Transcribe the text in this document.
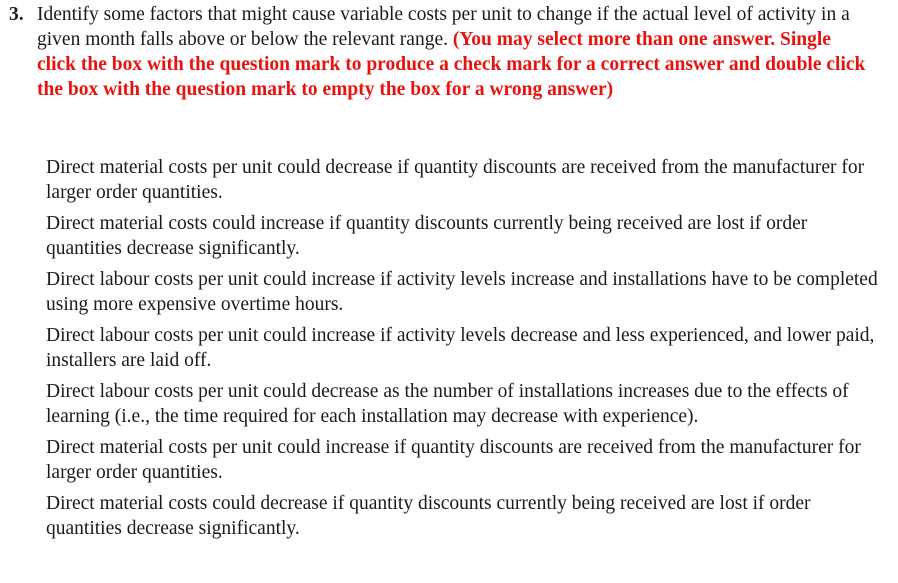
3. Identify some factors that might cause variable costs per unit to change if the actual level of activity in a given month falls above or below the relevant range. (You may select more than one answer. Single click the box with the question mark to produce a check mark for a correct answer and double click the box with the question mark to empty the box for a wrong answer)
Direct material costs per unit could decrease if quantity discounts are received from the manufacturer for larger order quantities.
Direct material costs could increase if quantity discounts currently being received are lost if order quantities decrease significantly.
Direct labour costs per unit could increase if activity levels increase and installations have to be completed using more expensive overtime hours.
Direct labour costs per unit could increase if activity levels decrease and less experienced, and lower paid, installers are laid off.
Direct labour costs per unit could decrease as the number of installations increases due to the effects of learning (i.e., the time required for each installation may decrease with experience).
Direct material costs per unit could increase if quantity discounts are received from the manufacturer for larger order quantities.
Direct material costs could decrease if quantity discounts currently being received are lost if order quantities decrease significantly.
